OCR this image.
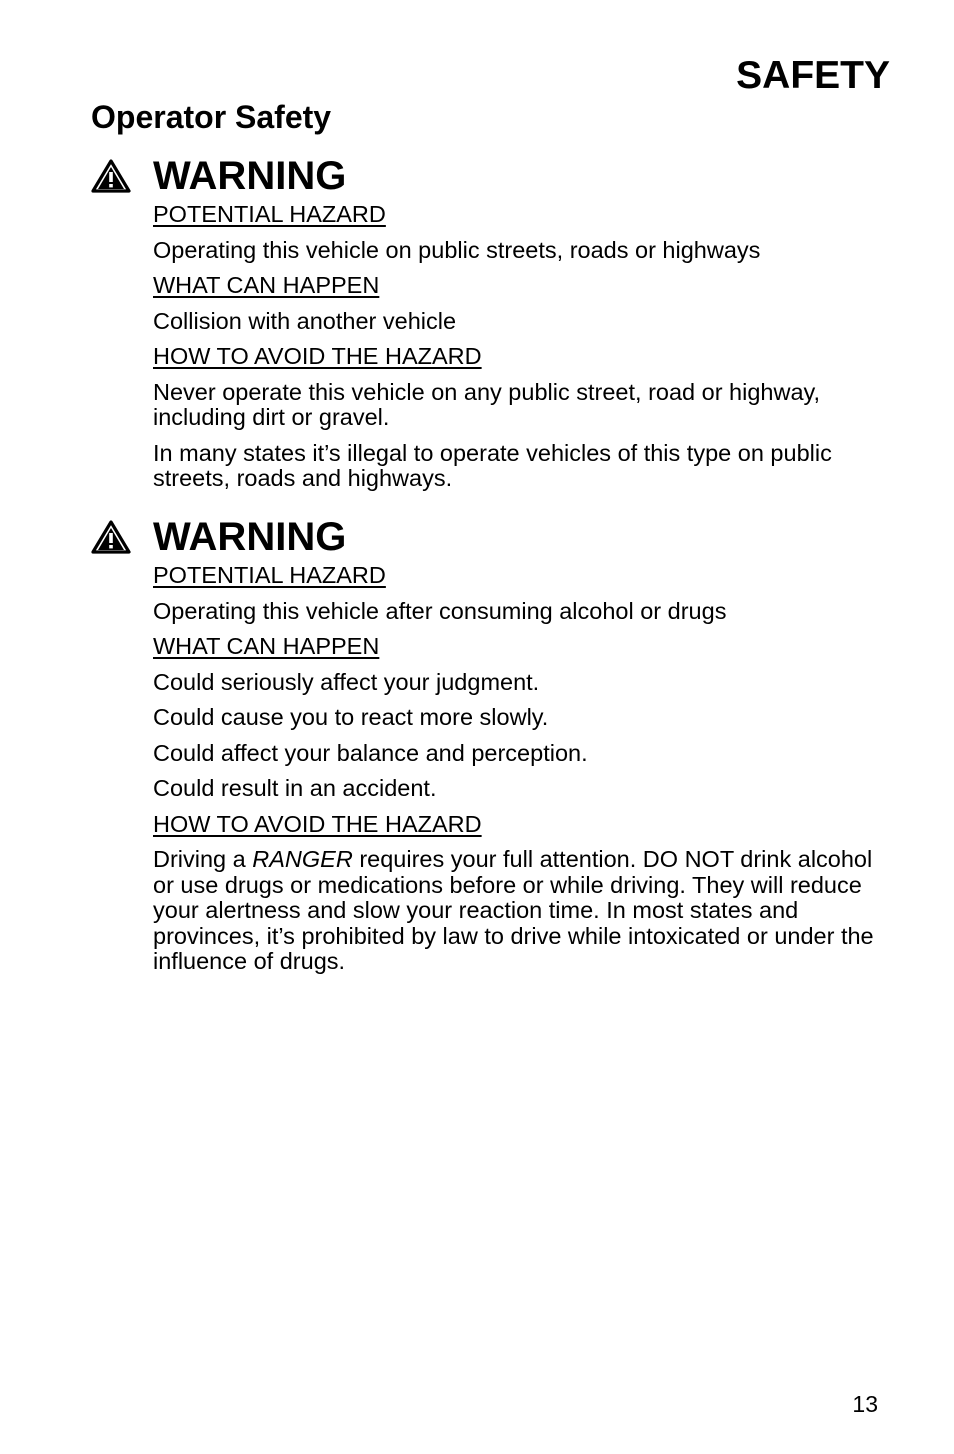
SAFETY
Operator Safety
WARNING

POTENTIAL HAZARD

Operating this vehicle on public streets, roads or highways

WHAT CAN HAPPEN

Collision with another vehicle

HOW TO AVOID THE HAZARD

Never operate this vehicle on any public street, road or highway, including dirt or gravel.

In many states it’s illegal to operate vehicles of this type on public streets, roads and highways.

WARNING

POTENTIAL HAZARD

Operating this vehicle after consuming alcohol or drugs

WHAT CAN HAPPEN

Could seriously affect your judgment.

Could cause you to react more slowly.

Could affect your balance and perception.

Could result in an accident.

HOW TO AVOID THE HAZARD

Driving a RANGER requires your full attention. DO NOT drink alcohol or use drugs or medications before or while driving. They will reduce your alertness and slow your reaction time. In most states and provinces, it’s prohibited by law to drive while intoxicated or under the influence of drugs.

13
